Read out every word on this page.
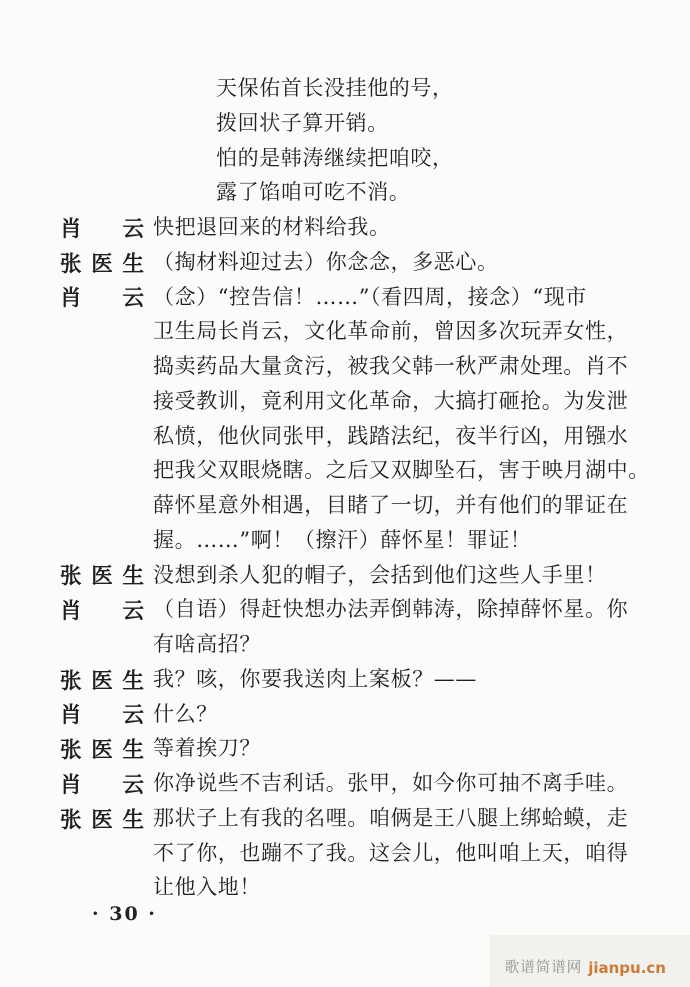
天保佑首长没挂他的号，
拨回状子算开销。
怕的是韩涛继续把咱咬，
露了馅咱可吃不消。
肖 云 快把退回来的材料给我。
张 医 生 （掏材料迎过去）你念念，多恶心。
肖 云 （念）“控告信！……”（看四周，接念）“现市
卫生局长肖云，文化革命前，曾因多次玩弄女性，
捣卖药品大量贪污，被我父韩一秋严肃处理。肖不
接受教训，竟利用文化革命，大搞打砸抢。为发泄
私愤，他伙同张甲，践踏法纪，夜半行凶，用镪水
把我父双眼烧瞎。之后又双脚坠石，害于映月湖中。
薛怀星意外相遇，目睹了一切，并有他们的罪证在
握。……”啊！（擦汗）薛怀星！罪证！
张 医 生 没想到杀人犯的帽子，会括到他们这些人手里！
肖 云 （自语）得赶快想办法弄倒韩涛，除掉薛怀星。你
有啥高招？
张 医 生 我？咳，你要我送肉上案板？——
肖 云 什么？
张 医 生 等着挨刀？
肖 云 你净说些不吉利话。张甲，如今你可抽不离手哇。
张 医 生 那状子上有我的名哩。咱俩是王八腿上绑蛤蟆，走
不了你，也蹦不了我。这会儿，他叫咱上天，咱得
让他入地！
· 30 ·
歌谱简谱网 jianpu.cn
